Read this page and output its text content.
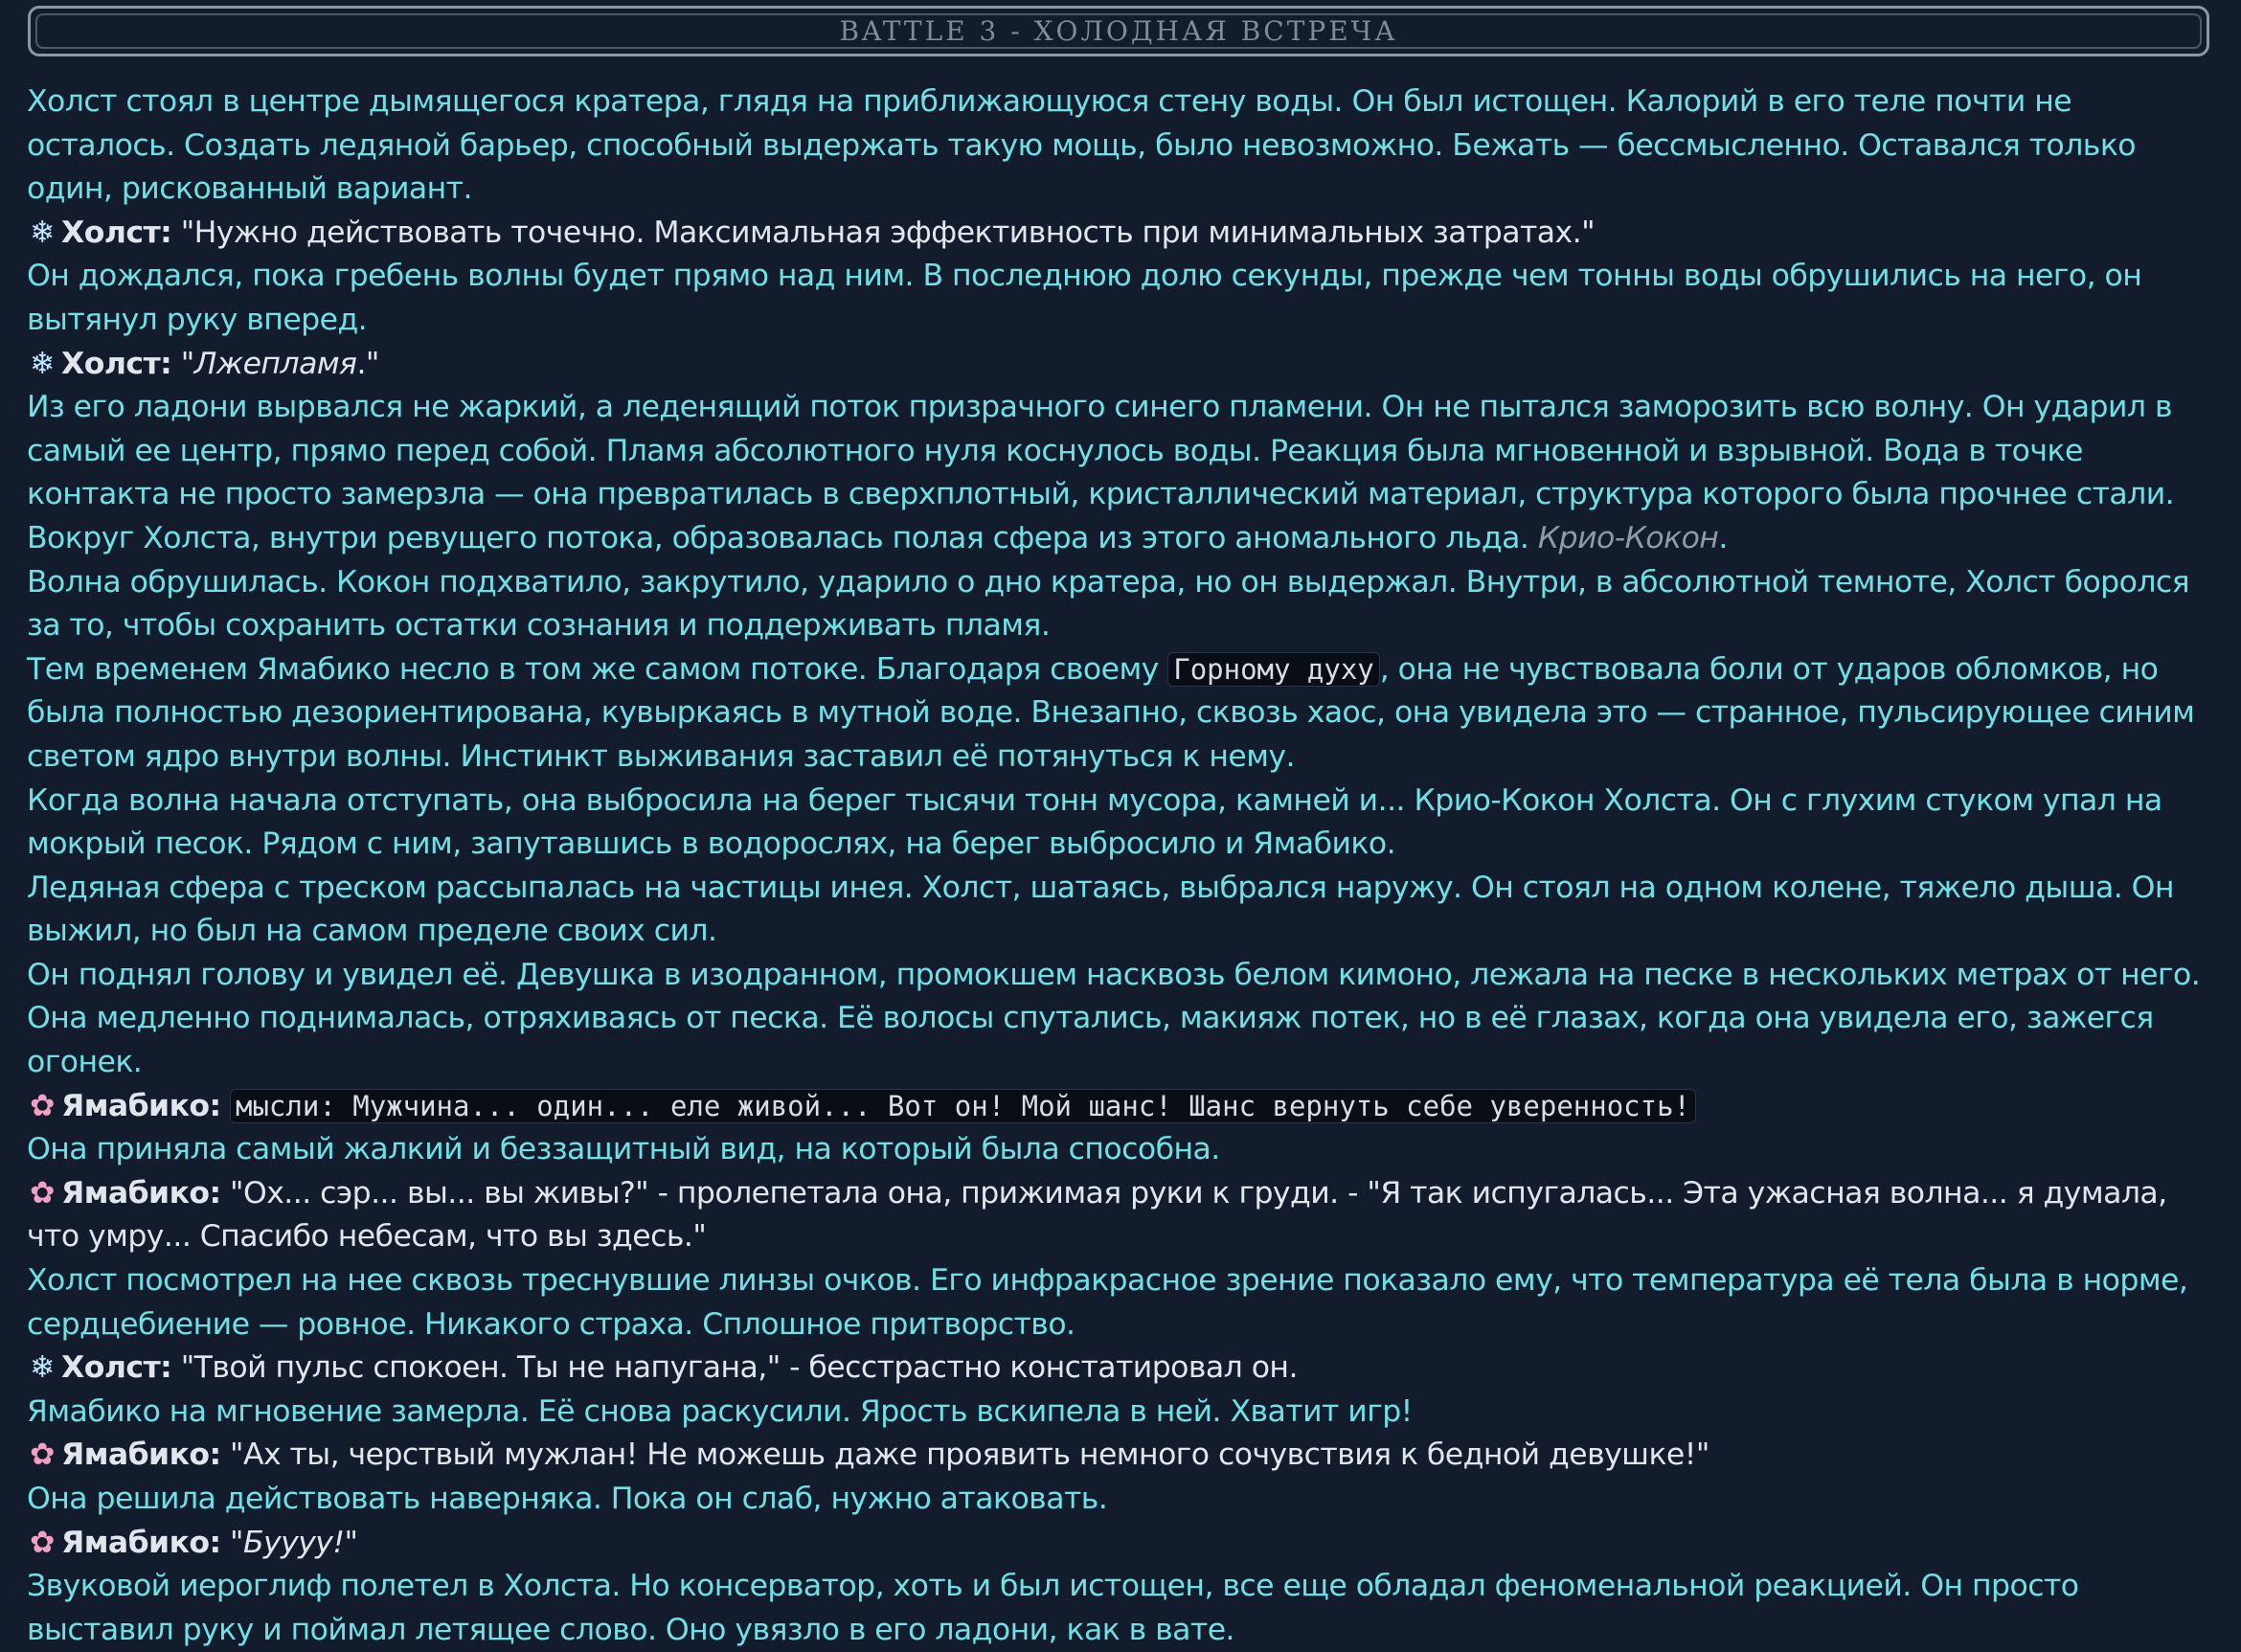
BATTLE 3 - ХОЛОДНАЯ ВСТРЕЧА

Холст стоял в центре дымящегося кратера, глядя на приближающуюся стену воды. Он был истощен. Калорий в его теле почти не осталось. Создать ледяной барьер, способный выдержать такую мощь, было невозможно. Бежать — бессмысленно. Оставался только один, рискованный вариант.

❄ Холст: "Нужно действовать точечно. Максимальная эффективность при минимальных затратах."

Он дождался, пока гребень волны будет прямо над ним. В последнюю долю секунды, прежде чем тонны воды обрушились на него, он вытянул руку вперед.

❄ Холст: "Лжепламя."

Из его ладони вырвался не жаркий, а леденящий поток призрачного синего пламени. Он не пытался заморозить всю волну. Он ударил в самый ее центр, прямо перед собой. Пламя абсолютного нуля коснулось воды. Реакция была мгновенной и взрывной. Вода в точке контакта не просто замерзла — она превратилась в сверхплотный, кристаллический материал, структура которого была прочнее стали. Вокруг Холста, внутри ревущего потока, образовалась полая сфера из этого аномального льда. Крио-Кокон.

Волна обрушилась. Кокон подхватило, закрутило, ударило о дно кратера, но он выдержал. Внутри, в абсолютной темноте, Холст боролся за то, чтобы сохранить остатки сознания и поддерживать пламя.

Тем временем Ямабико несло в том же самом потоке. Благодаря своему Горному духу , она не чувствовала боли от ударов обломков, но была полностью дезориентирована, кувыркаясь в мутной воде. Внезапно, сквозь хаос, она увидела это — странное, пульсирующее синим светом ядро внутри волны. Инстинкт выживания заставил её потянуться к нему.

Когда волна начала отступать, она выбросила на берег тысячи тонн мусора, камней и... Крио-Кокон Холста. Он с глухим стуком упал на мокрый песок. Рядом с ним, запутавшись в водорослях, на берег выбросило и Ямабико.

Ледяная сфера с треском рассыпалась на частицы инея. Холст, шатаясь, выбрался наружу. Он стоял на одном колене, тяжело дыша. Он выжил, но был на самом пределе своих сил.

Он поднял голову и увидел её. Девушка в изодранном, промокшем насквозь белом кимоно, лежала на песке в нескольких метрах от него. Она медленно поднималась, отряхиваясь от песка. Её волосы спутались, макияж потек, но в её глазах, когда она увидела его, зажегся огонек.

✿ Ямабико: мысли: Мужчина... один... еле живой... Вот он! Мой шанс! Шанс вернуть себе уверенность!

Она приняла самый жалкий и беззащитный вид, на который была способна.

✿ Ямабико: "Ох... сэр... вы... вы живы?" - пролепетала она, прижимая руки к груди. - "Я так испугалась... Эта ужасная волна... я думала, что умру... Спасибо небесам, что вы здесь."

Холст посмотрел на нее сквозь треснувшие линзы очков. Его инфракрасное зрение показало ему, что температура её тела была в норме, сердцебиение — ровное. Никакого страха. Сплошное притворство.

❄ Холст: "Твой пульс спокоен. Ты не напугана," - бесстрастно констатировал он.

Ямабико на мгновение замерла. Её снова раскусили. Ярость вскипела в ней. Хватит игр!

✿ Ямабико: "Ах ты, черствый мужлан! Не можешь даже проявить немного сочувствия к бедной девушке!"

Она решила действовать наверняка. Пока он слаб, нужно атаковать.

✿ Ямабико: "Буууу!"

Звуковой иероглиф полетел в Холста. Но консерватор, хоть и был истощен, все еще обладал феноменальной реакцией. Он просто выставил руку и поймал летящее слово. Оно увязло в его ладони, как в вате.
